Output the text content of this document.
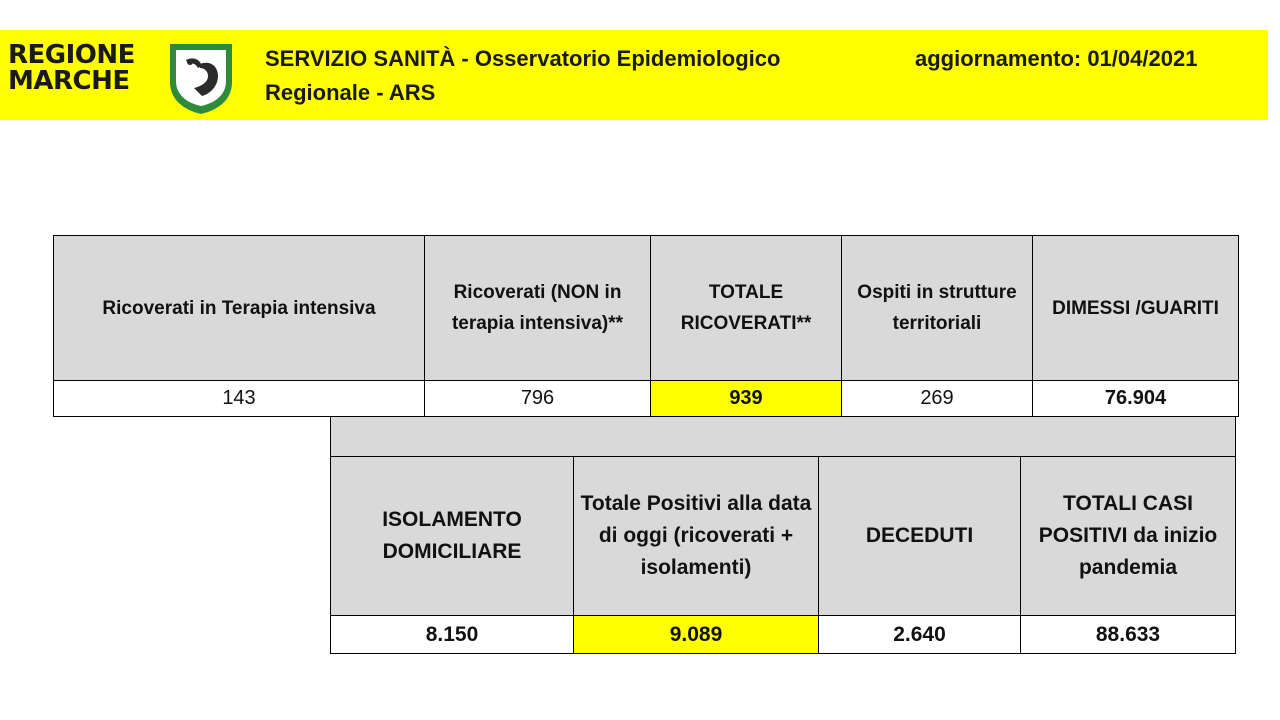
REGIONE
MARCHE
SERVIZIO SANITÀ - Osservatorio Epidemiologico
Regionale - ARS
aggiornamento: 01/04/2021
Ricoverati in Terapia intensiva	Ricoverati (NON in terapia intensiva)**	TOTALE RICOVERATI**	Ospiti in strutture territoriali	DIMESSI /GUARITI
143	796	939	269	76.904

ISOLAMENTO DOMICILIARE	Totale Positivi alla data di oggi (ricoverati + isolamenti)	DECEDUTI	TOTALI CASI POSITIVI da inizio pandemia
8.150	9.089	2.640	88.633
